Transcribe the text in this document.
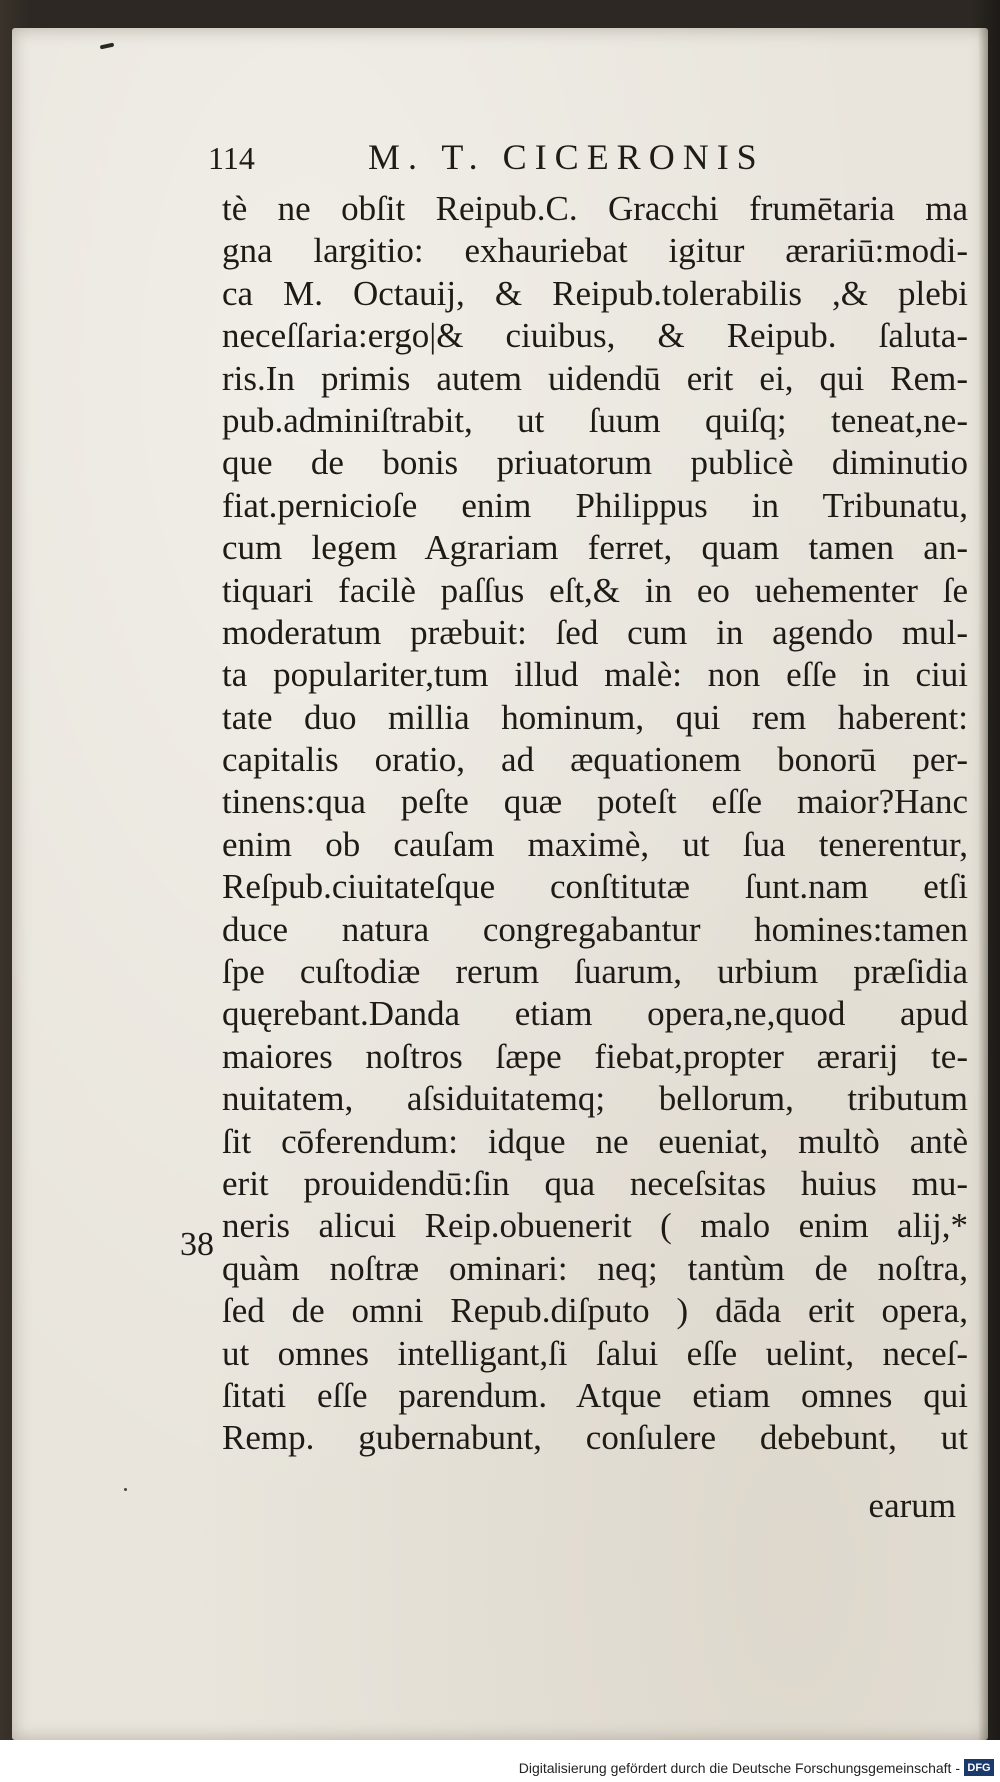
114	M. T. CICERONIS
38
tè ne obſit Reipub.C. Gracchi frumētaria ma
gna largitio: exhauriebat igitur ærariū:modi-
ca M. Octauij, & Reipub.tolerabilis ,& plebi
neceſſaria:ergo|& ciuibus, & Reipub. ſaluta-
ris.In primis autem uidendū erit ei, qui Rem-
pub.adminiſtrabit, ut ſuum quiſq; teneat,ne-
que de bonis priuatorum publicè diminutio
fiat.pernicioſe enim Philippus in Tribunatu,
cum legem Agrariam ferret, quam tamen an-
tiquari facilè paſſus eſt,& in eo uehementer ſe
moderatum præbuit: ſed cum in agendo mul-
ta populariter,tum illud malè: non eſſe in ciui
tate duo millia hominum, qui rem haberent:
capitalis oratio, ad æquationem bonorū per-
tinens:qua peſte quæ poteſt eſſe maior?Hanc
enim ob cauſam maximè, ut ſua tenerentur,
Reſpub.ciuitateſque conſtitutæ ſunt.nam etſi
duce natura congregabantur homines:tamen
ſpe cuſtodiæ rerum ſuarum, urbium præſidia
quęrebant.Danda etiam opera,ne,quod apud
maiores noſtros ſæpe fiebat,propter ærarij te-
nuitatem, aſsiduitatemq; bellorum, tributum
ſit cōferendum: idque ne eueniat, multò antè
erit prouidendū:ſin qua neceſsitas huius mu-
neris alicui Reip.obuenerit ( malo enim alij,*
quàm noſtræ ominari: neq; tantùm de noſtra,
ſed de omni Repub.diſputo ) dāda erit opera,
ut omnes intelligant,ſi ſalui eſſe uelint, neceſ-
ſitati eſſe parendum. Atque etiam omnes qui
Remp. gubernabunt, conſulere debebunt, ut
earum
Digitalisierung gefördert durch die Deutsche Forschungsgemeinschaft - DFG
